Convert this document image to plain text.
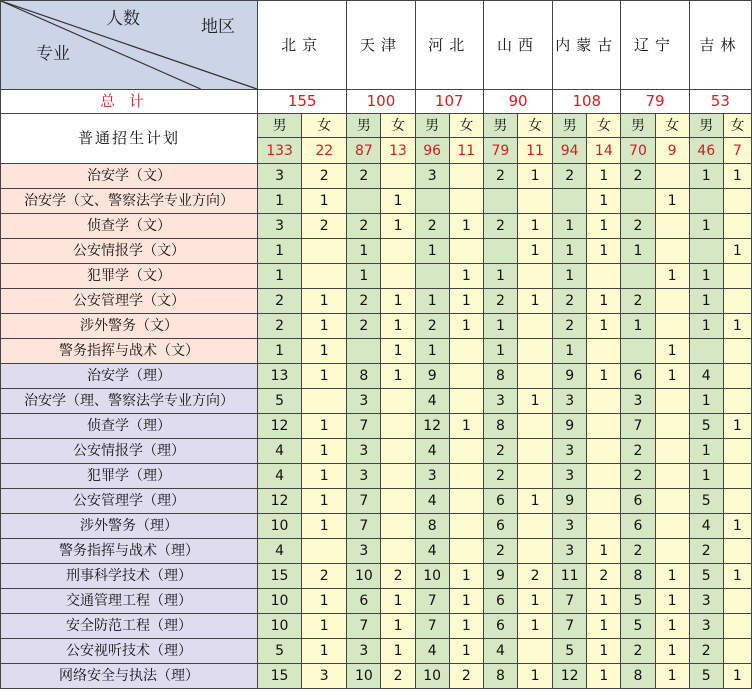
人数 地区
专业	北京		天津		河北		山西		内蒙古		辽宁		吉林	
总计	155		100		107		90		108		79		53	
普通招生计划	男	女	男	女	男	女	男	女	男	女	男	女	男	女
	133	22	87	13	96	11	79	11	94	14	70	9	46	7
治安学（文）	3	2	2		3		2	1	2	1	2		1	1
治安学（文、警察法学专业方向）	1	1		1						1		1		
侦查学（文）	3	2	2	1	2	1	2	1	1	1	2		1	
公安情报学（文）	1		1		1			1	1	1	1			1
犯罪学（文）	1		1			1	1		1			1	1	
公安管理学（文）	2	1	2	1	1	1	2	1	2	1	2		1	
涉外警务（文）	2	1	2	1	2	1	1		2	1	1		1	1
警务指挥与战术（文）	1	1		1	1		1		1			1		
治安学（理）	13	1	8	1	9		8		9	1	6	1	4	
治安学（理、警察法学专业方向）	5		3		4		3	1	3		3		1	
侦查学（理）	12	1	7		12	1	8		9		7		5	1
公安情报学（理）	4	1	3		4		2		3		2		1	
犯罪学（理）	4	1	3		3		2		3		2		1	
公安管理学（理）	12	1	7		4		6	1	9		6		5	
涉外警务（理）	10	1	7		8		6		3		6		4	1
警务指挥与战术（理）	4		3		4		2		3	1	2		2	
刑事科学技术（理）	15	2	10	2	10	1	9	2	11	2	8	1	5	1
交通管理工程（理）	10	1	6	1	7	1	6	1	7	1	5	1	3	
安全防范工程（理）	10	1	7	1	7	1	6	1	7	1	5	1	3	
公安视听技术（理）	5	1	3	1	4	1	4		5	1	2	1	2	
网络安全与执法（理）	15	3	10	2	10	2	8	1	12	1	8	1	5	1
